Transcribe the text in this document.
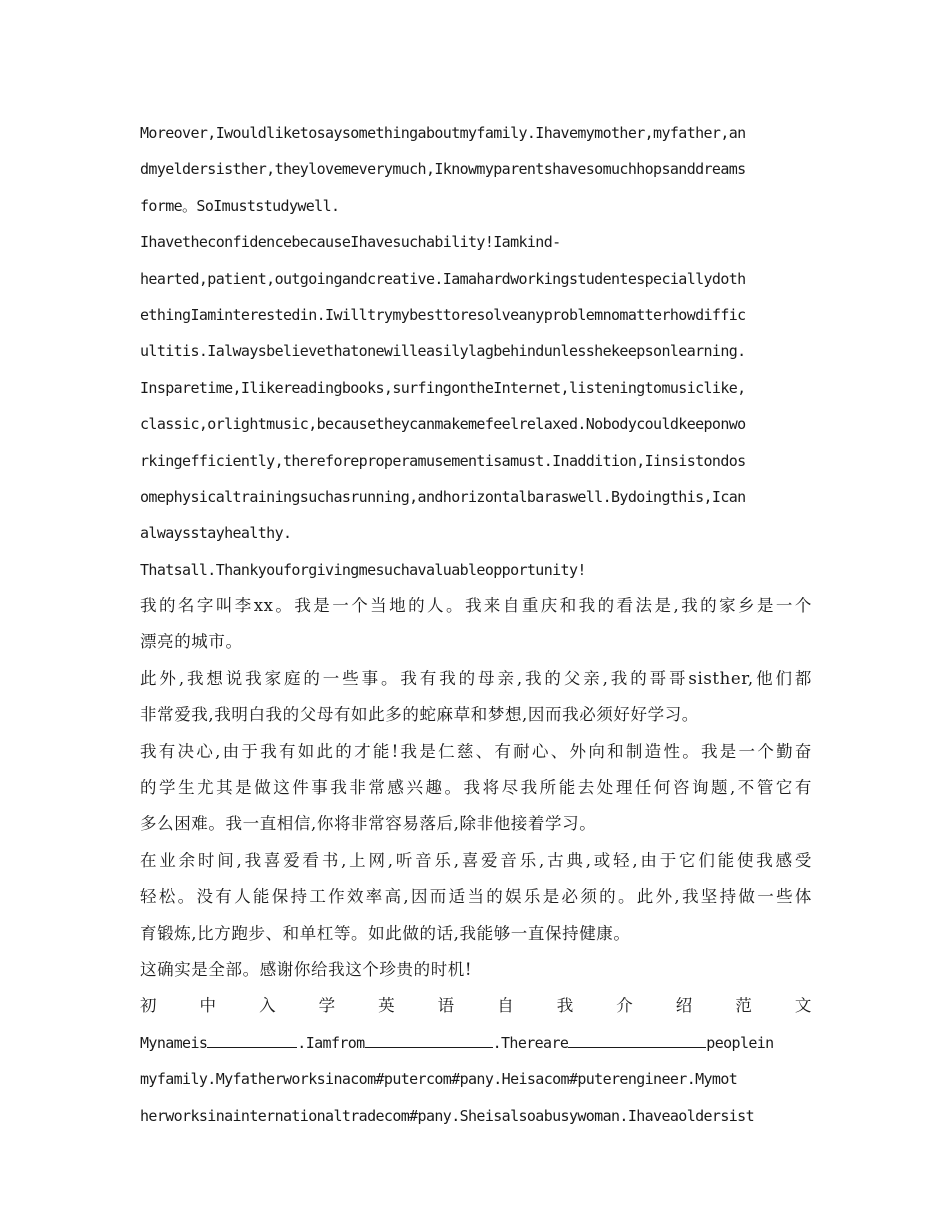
Moreover,Iwouldliketosaysomethingaboutmyfamily.Ihavemymother,myfather,an
dmyeldersisther,theylovemeverymuch,Iknowmyparentshavesomuchhopsanddreams
forme。SoImuststudywell.
IhavetheconfidencebecauseIhavesuchability!Iamkind-
hearted,patient,outgoingandcreative.Iamahardworkingstudentespeciallydoth
ethingIaminterestedin.Iwilltrymybesttoresolveanyproblemnomatterhowdiffic
ultitis.Ialwaysbelievethatonewilleasilylagbehindunlesshekeepsonlearning.
Insparetime,Ilikereadingbooks,surfingontheInternet,listeningtomusiclike,
classic,orlightmusic,becausetheycanmakemefeelrelaxed.Nobodycouldkeeponwo
rkingefficiently,thereforeproperamusementisamust.Inaddition,Iinsistondos
omephysicaltrainingsuchasrunning,andhorizontalbaraswell.Bydoingthis,Ican
alwaysstayhealthy.
Thatsall.Thankyouforgivingmesuchavaluableopportunity!
我的名字叫李xx。我是一个当地的人。我来自重庆和我的看法是,我的家乡是一个
漂亮的城市。
此外,我想说我家庭的一些事。我有我的母亲,我的父亲,我的哥哥sisther,他们都
非常爱我,我明白我的父母有如此多的蛇麻草和梦想,因而我必须好好学习。
我有决心,由于我有如此的才能!我是仁慈、有耐心、外向和制造性。我是一个勤奋
的学生尤其是做这件事我非常感兴趣。我将尽我所能去处理任何咨询题,不管它有
多么困难。我一直相信,你将非常容易落后,除非他接着学习。
在业余时间,我喜爱看书,上网,听音乐,喜爱音乐,古典,或轻,由于它们能使我感受
轻松。没有人能保持工作效率高,因而适当的娱乐是必须的。此外,我坚持做一些体
育锻炼,比方跑步、和单杠等。如此做的话,我能够一直保持健康。
这确实是全部。感谢你给我这个珍贵的时机!
初	中	入	学	英	语	自	我	介	绍	范	文
Mynameis	.Iamfrom	.Thereare	peoplein
myfamily.Myfatherworksinacom#putercom#pany.Heisacom#puterengineer.Mymot
herworksinainternationaltradecom#pany.Sheisalsoabusywoman.Ihaveaoldersist
